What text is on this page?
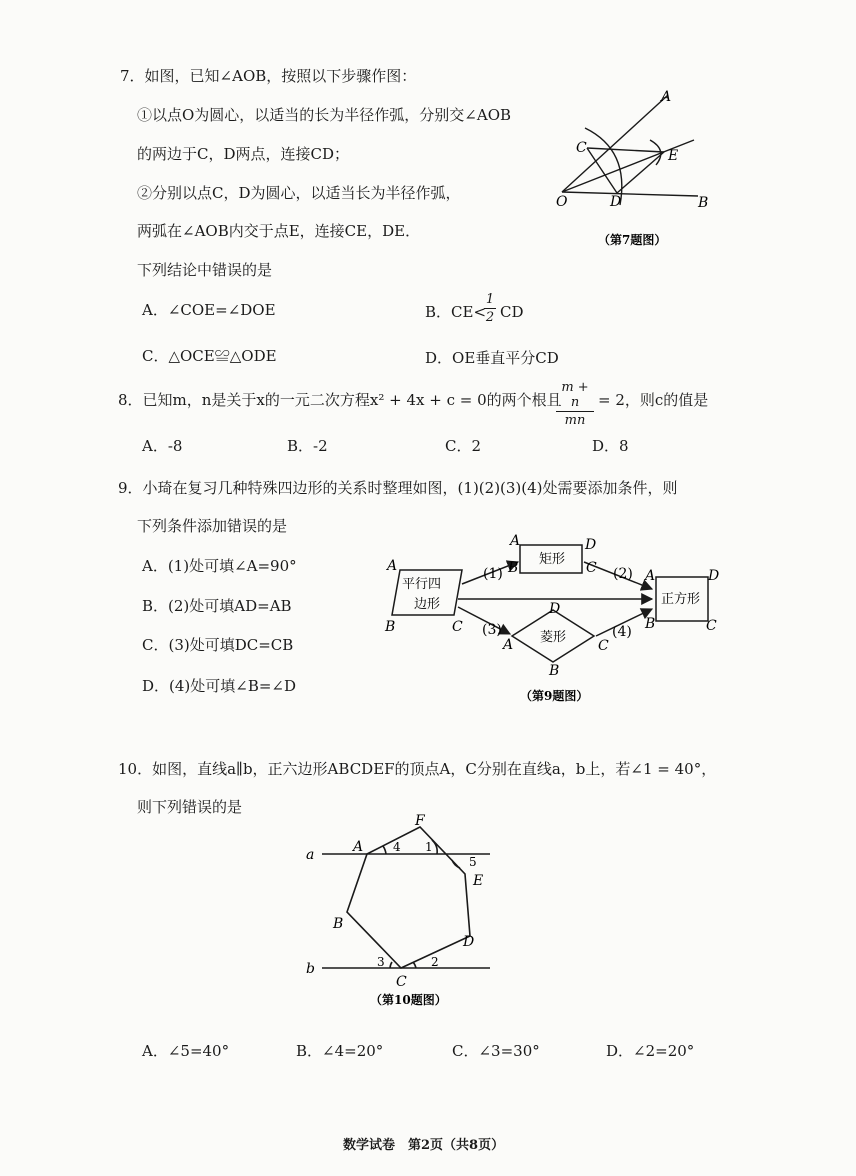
7．如图，已知∠AOB，按照以下步骤作图：
①以点O为圆心，以适当的长为半径作弧，分别交∠AOB
的两边于C，D两点，连接CD；
②分别以点C，D为圆心，以适当长为半径作弧，
两弧在∠AOB内交于点E，连接CE，DE．
下列结论中错误的是
A．∠COE=∠DOE	B．CE<
1
2 CD
C．△OCE≌△ODE	D．OE垂直平分CD
A
C	E
O	D	B
（第7题图）
8．已知m，n是关于x的一元二次方程x² + 4x + c = 0的两个根且
m + n
mn
= 2，则c的值是
A．-8	B．-2	C．2	D．8
9．小琦在复习几种特殊四边形的关系时整理如图，(1)(2)(3)(4)处需要添加条件，则
下列条件添加错误的是
A．(1)处可填∠A=90°
B．(2)处可填AD=AB
C．(3)处可填DC=CB
D．(4)处可填∠B=∠D
平行四
边形
矩形
菱形
正方形
(1)	(2)
(3)	(4)
A
B	C
A	D
B	C
D
A	C
B
A	D
B	C
（第9题图）
10．如图，直线a∥b，正六边形ABCDEF的顶点A，C分别在直线a，b上，若∠1 = 40°，
则下列错误的是
a
b
A
B
C
D
E
F
1
2
3
4
5
（第10题图）
A．∠5=40°	B．∠4=20°	C．∠3=30°	D．∠2=20°
数学试卷　第2页（共8页）
